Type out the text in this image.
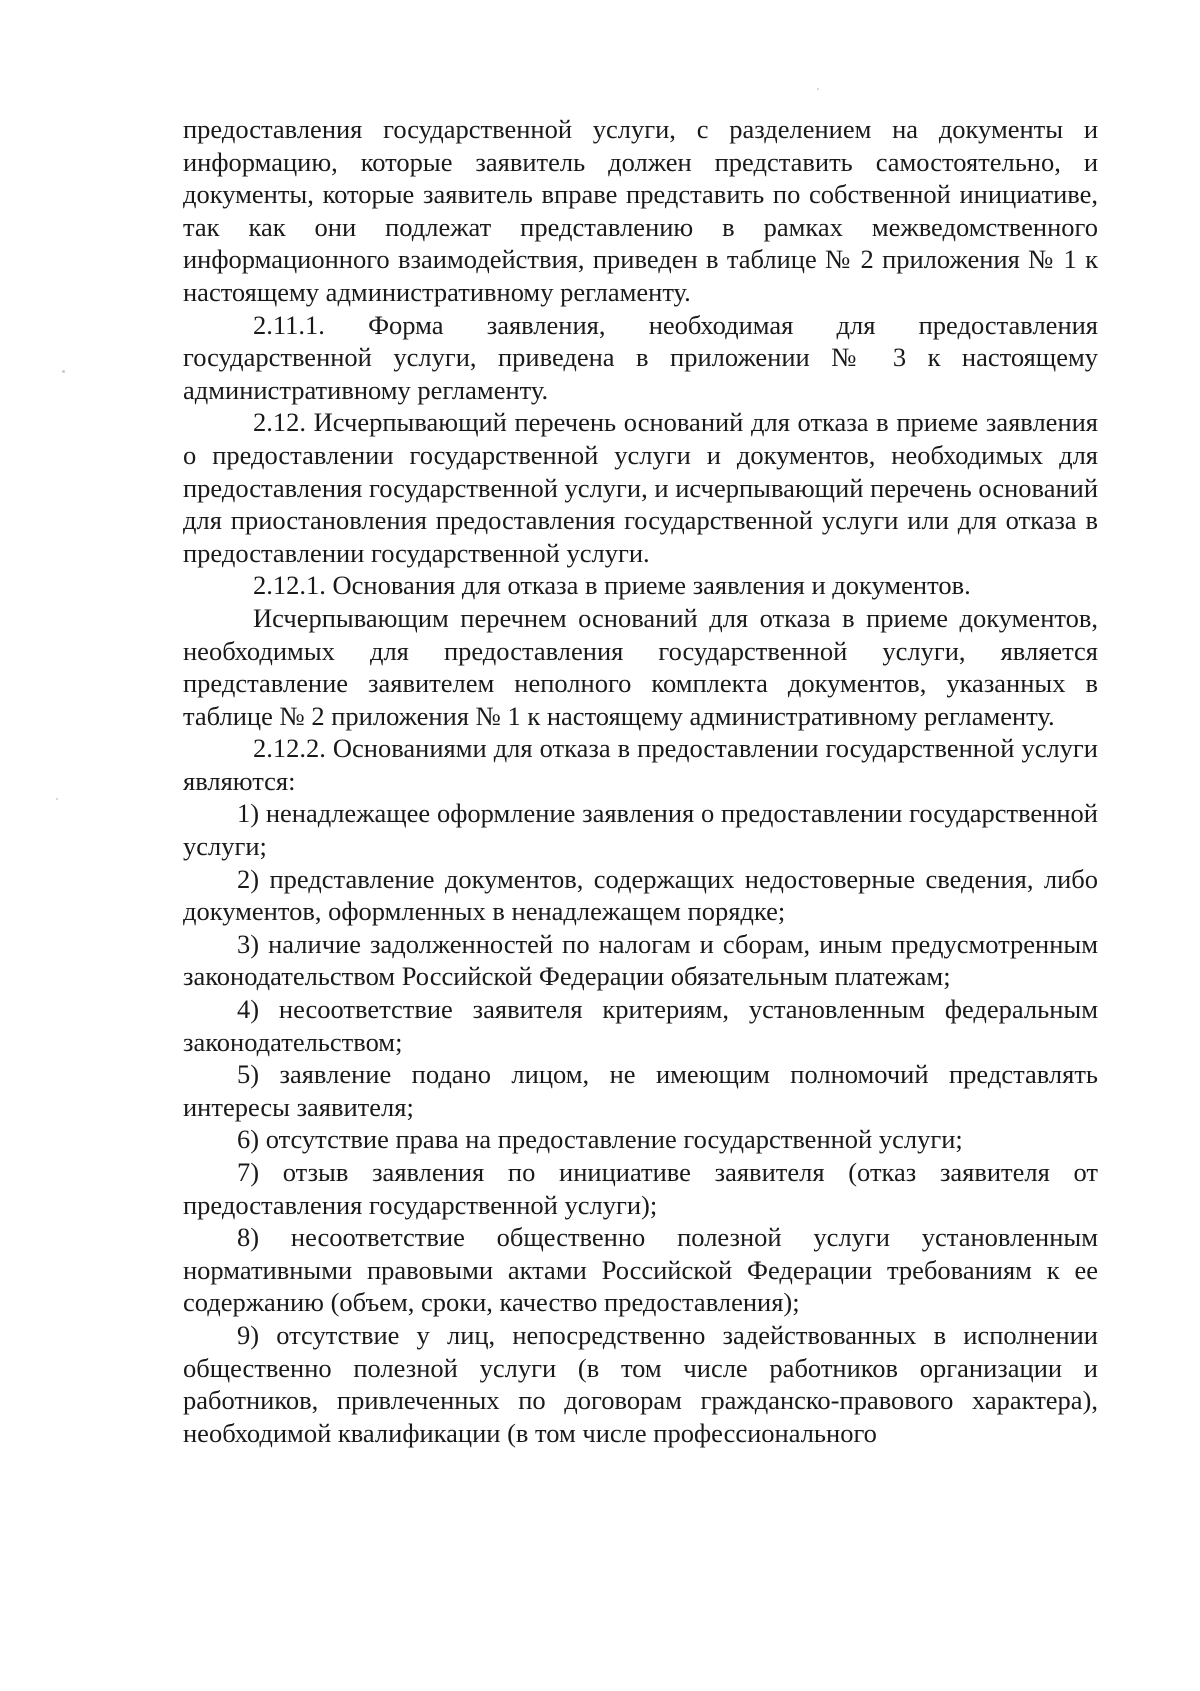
предоставления государственной услуги, с разделением на документы и информацию, которые заявитель должен представить самостоятельно, и документы, которые заявитель вправе представить по собственной инициативе, так как они подлежат представлению в рамках межведомственного информационного взаимодействия, приведен в таблице № 2 приложения № 1 к настоящему административному регламенту.

2.11.1. Форма заявления, необходимая для предоставления государственной услуги, приведена в приложении № 3 к настоящему административному регламенту.

2.12. Исчерпывающий перечень оснований для отказа в приеме заявления о предоставлении государственной услуги и документов, необходимых для предоставления государственной услуги, и исчерпывающий перечень оснований для приостановления предоставления государственной услуги или для отказа в предоставлении государственной услуги.

2.12.1. Основания для отказа в приеме заявления и документов.

Исчерпывающим перечнем оснований для отказа в приеме документов, необходимых для предоставления государственной услуги, является представление заявителем неполного комплекта документов, указанных в таблице № 2 приложения № 1 к настоящему административному регламенту.

2.12.2. Основаниями для отказа в предоставлении государственной услуги являются:

1) ненадлежащее оформление заявления о предоставлении государственной услуги;

2) представление документов, содержащих недостоверные сведения, либо документов, оформленных в ненадлежащем порядке;

3) наличие задолженностей по налогам и сборам, иным предусмотренным законодательством Российской Федерации обязательным платежам;

4) несоответствие заявителя критериям, установленным федеральным законодательством;

5) заявление подано лицом, не имеющим полномочий представлять интересы заявителя;

6) отсутствие права на предоставление государственной услуги;

7) отзыв заявления по инициативе заявителя (отказ заявителя от предоставления государственной услуги);

8) несоответствие общественно полезной услуги установленным нормативными правовыми актами Российской Федерации требованиям к ее содержанию (объем, сроки, качество предоставления);

9) отсутствие у лиц, непосредственно задействованных в исполнении общественно полезной услуги (в том числе работников организации и работников, привлеченных по договорам гражданско-правового характера), необходимой квалификации (в том числе профессионального
